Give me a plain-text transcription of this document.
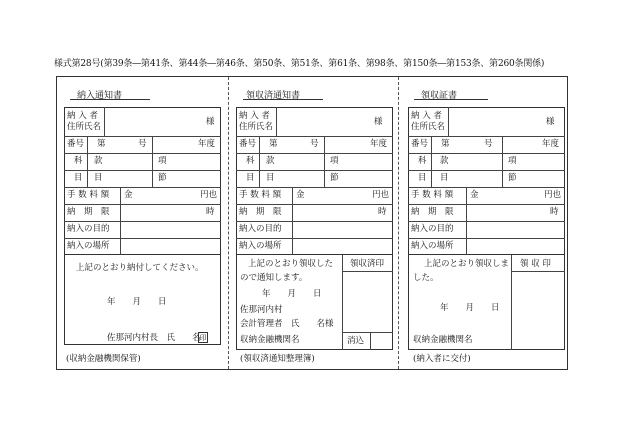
様式第28号(第39条―第41条、第44条―第46条、第50条、第51条、第61条、第98条、第150条―第153条、第260条関係)
納入通知書
納 入 者
住所氏名	様
番号 第	号	年度
科 款	項
目 目	節
手 数 料 額 金	円也
納　期　限	時
納入の目的
納入の場所
上記のとおり納付してください。
年　　月　　日
佐那河内村長　氏　　名
印
(収納金融機関保管)
領収済通知書
納 入 者
住所氏名	様
番号 第	号	年度
科 款	項
目 目	節
手 数 料 額 金	円也
納　期　限	時
納入の目的
納入の場所
上記のとおり領収した
ので通知します。
領収済印
年　　月　　日
佐那河内村
会計管理者　氏　　名様
収納金融機関名	消込
(領収済通知整理簿)
領収証書
納 入 者
住所氏名	様
番号 第	号	年度
科 款	項
目 目	節
手 数 料 額 金	円也
納　期　限	時
納入の目的
納入の場所
上記のとおり領収しま
した。
領 収 印
年　　月　　日
収納金融機関名
(納入者に交付)
